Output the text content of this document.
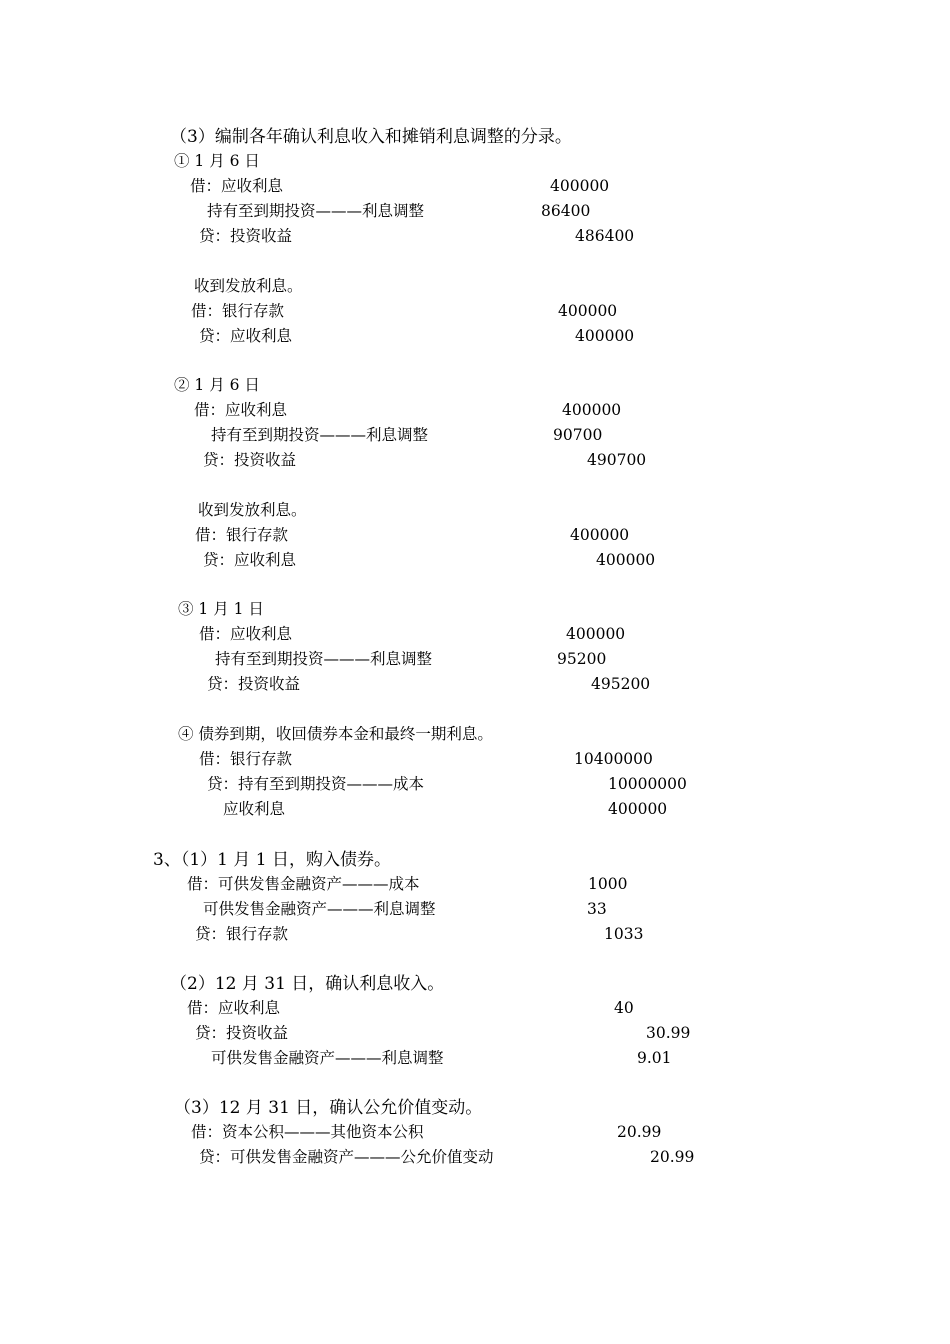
（3）编制各年确认利息收入和摊销利息调整的分录。
① 1 月 6 日
借：应收利息	400000
持有至到期投资———利息调整	86400
贷：投资收益	486400
收到发放利息。
借：银行存款	400000
贷：应收利息	400000
② 1 月 6 日
借：应收利息	400000
持有至到期投资———利息调整	90700
贷：投资收益	490700
收到发放利息。
借：银行存款	400000
贷：应收利息	400000
③ 1 月 1 日
借：应收利息	400000
持有至到期投资———利息调整	95200
贷：投资收益	495200
④ 债券到期，收回债券本金和最终一期利息。
借：银行存款	10400000
贷：持有至到期投资———成本	10000000
应收利息	400000
3、（1）1 月 1 日，购入债券。
借：可供发售金融资产———成本	1000
可供发售金融资产———利息调整	33
贷：银行存款	1033
（2）12 月 31 日，确认利息收入。
借：应收利息	40
贷：投资收益	30.99
可供发售金融资产———利息调整	9.01
（3）12 月 31 日，确认公允价值变动。
借：资本公积———其他资本公积	20.99
贷：可供发售金融资产———公允价值变动	20.99
